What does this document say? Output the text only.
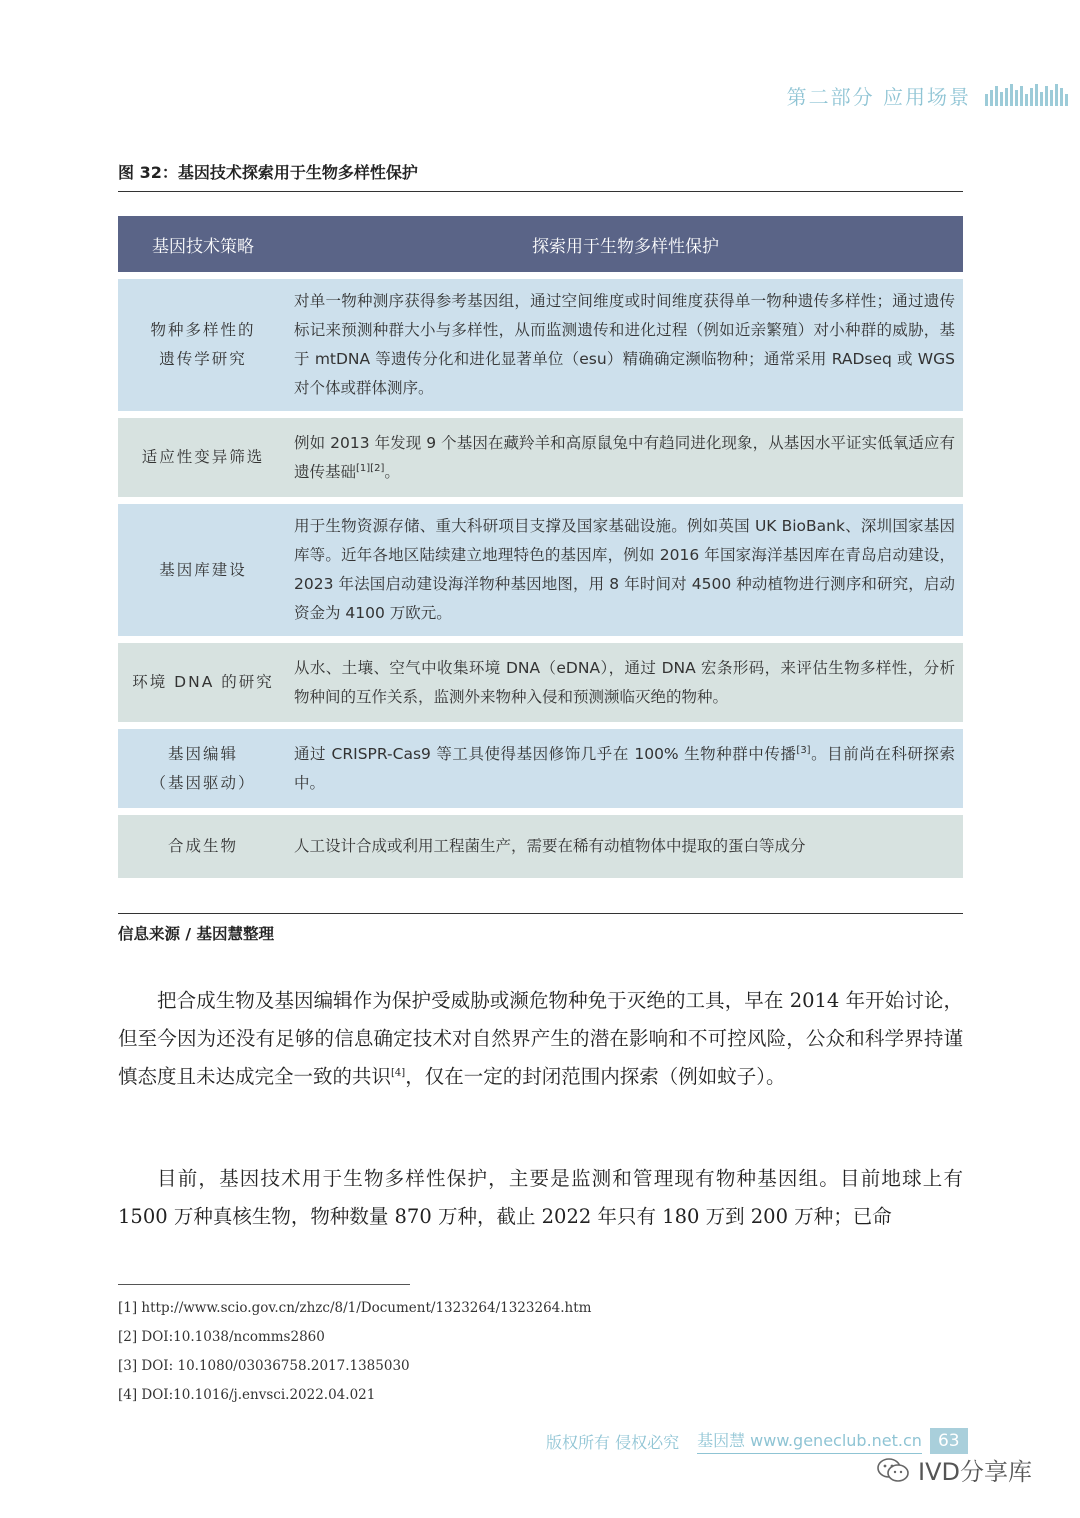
第二部分 应用场景
图 32：基因技术探索用于生物多样性保护
基因技术策略	探索用于生物多样性保护
物种多样性的
遗传学研究
对单一物种测序获得参考基因组，通过空间维度或时间维度获得单一物种遗传多样性；通过遗传标记来预测种群大小与多样性，从而监测遗传和进化过程（例如近亲繁殖）对小种群的威胁，基于 mtDNA 等遗传分化和进化显著单位（esu）精确确定濒临物种；通常采用 RADseq 或 WGS 对个体或群体测序。
适应性变异筛选
例如 2013 年发现 9 个基因在藏羚羊和高原鼠兔中有趋同进化现象，从基因水平证实低氧适应有遗传基础[1][2]。
基因库建设
用于生物资源存储、重大科研项目支撑及国家基础设施。例如英国 UK BioBank、深圳国家基因库等。近年各地区陆续建立地理特色的基因库，例如 2016 年国家海洋基因库在青岛启动建设，2023 年法国启动建设海洋物种基因地图，用 8 年时间对 4500 种动植物进行测序和研究，启动资金为 4100 万欧元。
环境 DNA 的研究
从水、土壤、空气中收集环境 DNA（eDNA），通过 DNA 宏条形码，来评估生物多样性，分析物种间的互作关系，监测外来物种入侵和预测濒临灭绝的物种。
基因编辑
（基因驱动）
通过 CRISPR-Cas9 等工具使得基因修饰几乎在 100% 生物种群中传播[3]。目前尚在科研探索中。
合成生物	人工设计合成或利用工程菌生产，需要在稀有动植物体中提取的蛋白等成分
信息来源 / 基因慧整理

把合成生物及基因编辑作为保护受威胁或濒危物种免于灭绝的工具，早在 2014 年开始讨论，但至今因为还没有足够的信息确定技术对自然界产生的潜在影响和不可控风险，公众和科学界持谨慎态度且未达成完全一致的共识[4]，仅在一定的封闭范围内探索（例如蚊子）。

目前，基因技术用于生物多样性保护，主要是监测和管理现有物种基因组。目前地球上有 1500 万种真核生物，物种数量 870 万种，截止 2022 年只有 180 万到 200 万种；已命

[1] http://www.scio.gov.cn/zhzc/8/1/Document/1323264/1323264.htm
[2] DOI:10.1038/ncomms2860
[3] DOI: 10.1080/03036758.2017.1385030
[4] DOI:10.1016/j.envsci.2022.04.021
版权所有 侵权必究 基因慧 www.geneclub.net.cn 63
IVD分享库
